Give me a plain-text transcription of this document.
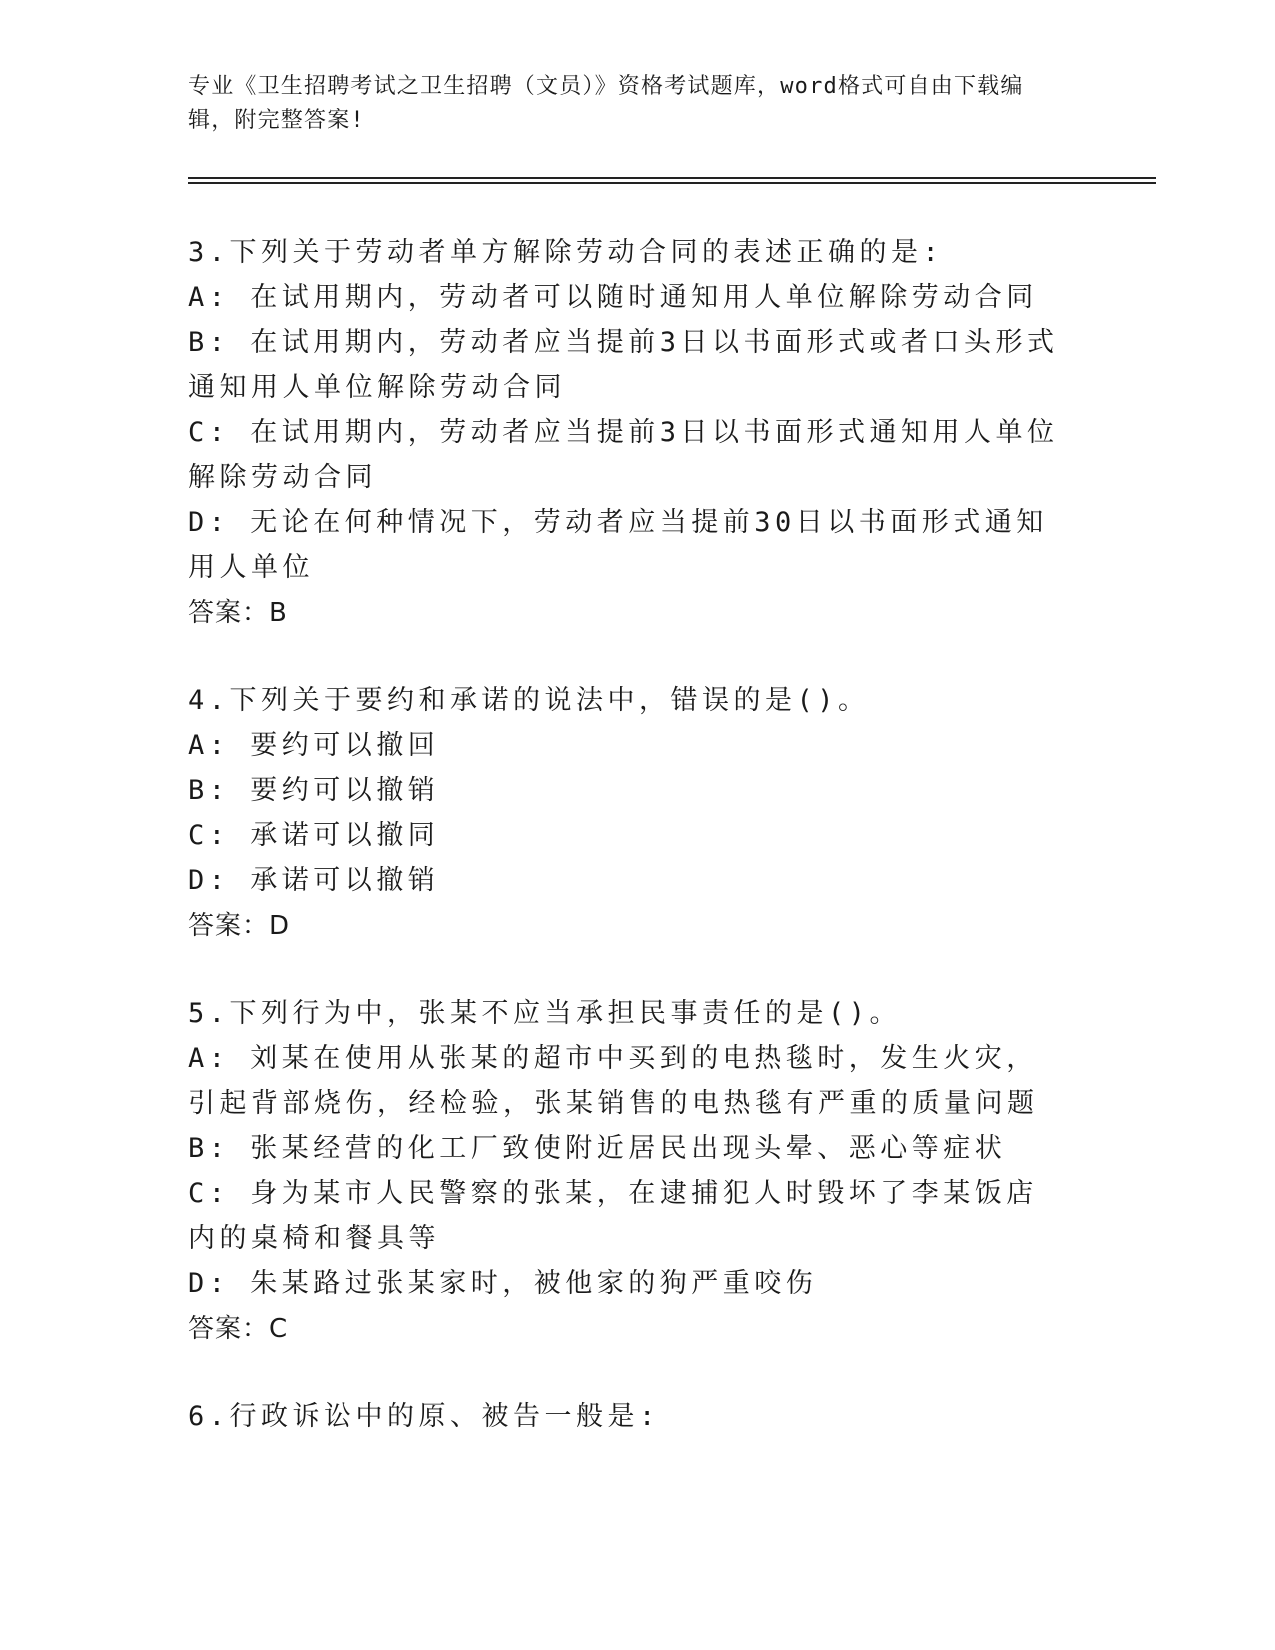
专业《卫生招聘考试之卫生招聘（文员）》资格考试题库，word格式可自由下载编辑，附完整答案!
3.下列关于劳动者单方解除劳动合同的表述正确的是:
A: 在试用期内，劳动者可以随时通知用人单位解除劳动合同
B: 在试用期内，劳动者应当提前3日以书面形式或者口头形式通知用人单位解除劳动合同
C: 在试用期内，劳动者应当提前3日以书面形式通知用人单位解除劳动合同
D: 无论在何种情况下，劳动者应当提前30日以书面形式通知用人单位
答案：B
4.下列关于要约和承诺的说法中，错误的是()。
A: 要约可以撤回
B: 要约可以撤销
C: 承诺可以撤同
D: 承诺可以撤销
答案：D
5.下列行为中，张某不应当承担民事责任的是()。
A: 刘某在使用从张某的超市中买到的电热毯时，发生火灾，引起背部烧伤，经检验，张某销售的电热毯有严重的质量问题
B: 张某经营的化工厂致使附近居民出现头晕、恶心等症状
C: 身为某市人民警察的张某，在逮捕犯人时毁坏了李某饭店内的桌椅和餐具等
D: 朱某路过张某家时，被他家的狗严重咬伤
答案：C
6.行政诉讼中的原、被告一般是:
